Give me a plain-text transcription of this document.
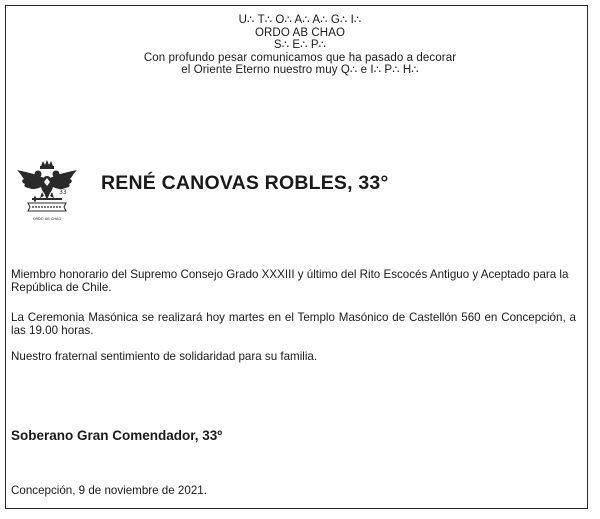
U∴ T∴ O∴ A∴ A∴ G∴ I∴
ORDO AB CHAO
S∴ E∴ P∴
Con profundo pesar comunicamos que ha pasado a decorar
el Oriente Eterno nuestro muy Q∴ e I∴ P∴ H∴
33
ORDO AB CHAO
RENÉ CANOVAS ROBLES, 33°
Miembro honorario del Supremo Consejo Grado XXXIII y último del Rito Escocés Antiguo y Aceptado para la República de Chile.
La Ceremonia Masónica se realizará hoy martes en el Templo Masónico de Castellón 560 en Concepción, a las 19.00 horas.
Nuestro fraternal sentimiento de solidaridad para su familia.
Soberano Gran Comendador, 33º
Concepción, 9 de noviembre de 2021.
